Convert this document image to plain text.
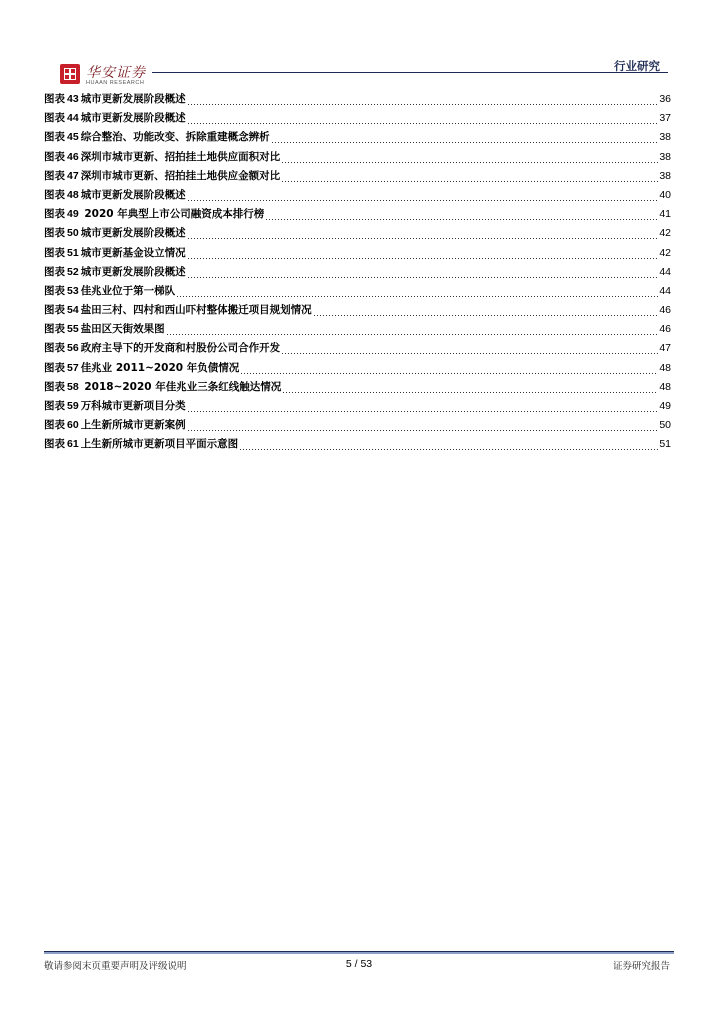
华安证券
HUAAN RESEARCH
行业研究
图表 43 城市更新发展阶段概述	36
图表 44 城市更新发展阶段概述	37
图表 45 综合整治、功能改变、拆除重建概念辨析	38
图表 46 深圳市城市更新、招拍挂土地供应面积对比	38
图表 47 深圳市城市更新、招拍挂土地供应金额对比	38
图表 48 城市更新发展阶段概述	40
图表 49 2020 年典型上市公司融资成本排行榜	41
图表 50 城市更新发展阶段概述	42
图表 51 城市更新基金设立情况	42
图表 52 城市更新发展阶段概述	44
图表 53 佳兆业位于第一梯队	44
图表 54 盐田三村、四村和西山吓村整体搬迁项目规划情况	46
图表 55 盐田区天街效果图	46
图表 56 政府主导下的开发商和村股份公司合作开发	47
图表 57 佳兆业 2011~2020 年负债情况	48
图表 58 2018~2020 年佳兆业三条红线触达情况	48
图表 59 万科城市更新项目分类	49
图表 60 上生新所城市更新案例	50
图表 61 上生新所城市更新项目平面示意图	51
敬请参阅末页重要声明及评级说明	5 / 53	证券研究报告
